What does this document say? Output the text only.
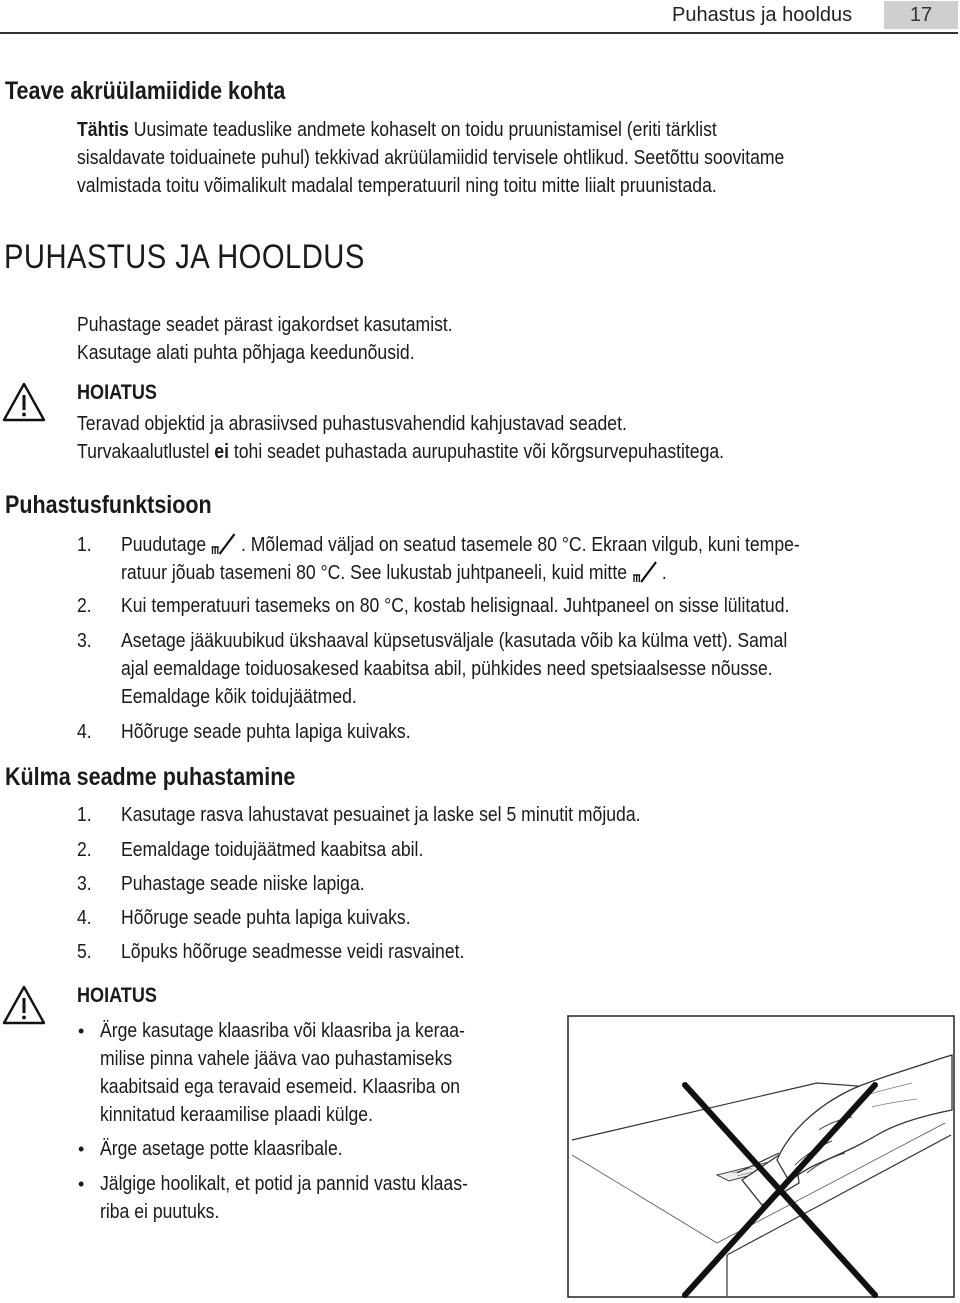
Puhastus ja hooldus	17
Teave akrüülamiidide kohta
Tähtis Uusimate teaduslike andmete kohaselt on toidu pruunistamisel (eriti tärklist
sisaldavate toiduainete puhul) tekkivad akrüülamiidid tervisele ohtlikud. Seetõttu soovitame
valmistada toitu võimalikult madalal temperatuuril ning toitu mitte liialt pruunistada.
PUHASTUS JA HOOLDUS
Puhastage seadet pärast igakordset kasutamist.
Kasutage alati puhta põhjaga keedunõusid.
HOIATUS
Teravad objektid ja abrasiivsed puhastusvahendid kahjustavad seadet.
Turvakaalutlustel ei tohi seadet puhastada aurupuhastite või kõrgsurvepuhastitega.
Puhastusfunktsioon
1. Puudutage . Mõlemad väljad on seatud tasemele 80 °C. Ekraan vilgub, kuni tempe-
ratuur jõuab tasemeni 80 °C. See lukustab juhtpaneeli, kuid mitte .
2. Kui temperatuuri tasemeks on 80 °C, kostab helisignaal. Juhtpaneel on sisse lülitatud.
3. Asetage jääkuubikud ükshaaval küpsetusväljale (kasutada võib ka külma vett). Samal
ajal eemaldage toiduosakesed kaabitsa abil, pühkides need spetsiaalsesse nõusse.
Eemaldage kõik toidujäätmed.
4. Hõõruge seade puhta lapiga kuivaks.
Külma seadme puhastamine
1. Kasutage rasva lahustavat pesuainet ja laske sel 5 minutit mõjuda.
2. Eemaldage toidujäätmed kaabitsa abil.
3. Puhastage seade niiske lapiga.
4. Hõõruge seade puhta lapiga kuivaks.
5. Lõpuks hõõruge seadmesse veidi rasvainet.
HOIATUS
• Ärge kasutage klaasriba või klaasriba ja keraa-
milise pinna vahele jääva vao puhastamiseks
kaabitsaid ega teravaid esemeid. Klaasriba on
kinnitatud keraamilise plaadi külge.
• Ärge asetage potte klaasribale.
• Jälgige hoolikalt, et potid ja pannid vastu klaas-
riba ei puutuks.
